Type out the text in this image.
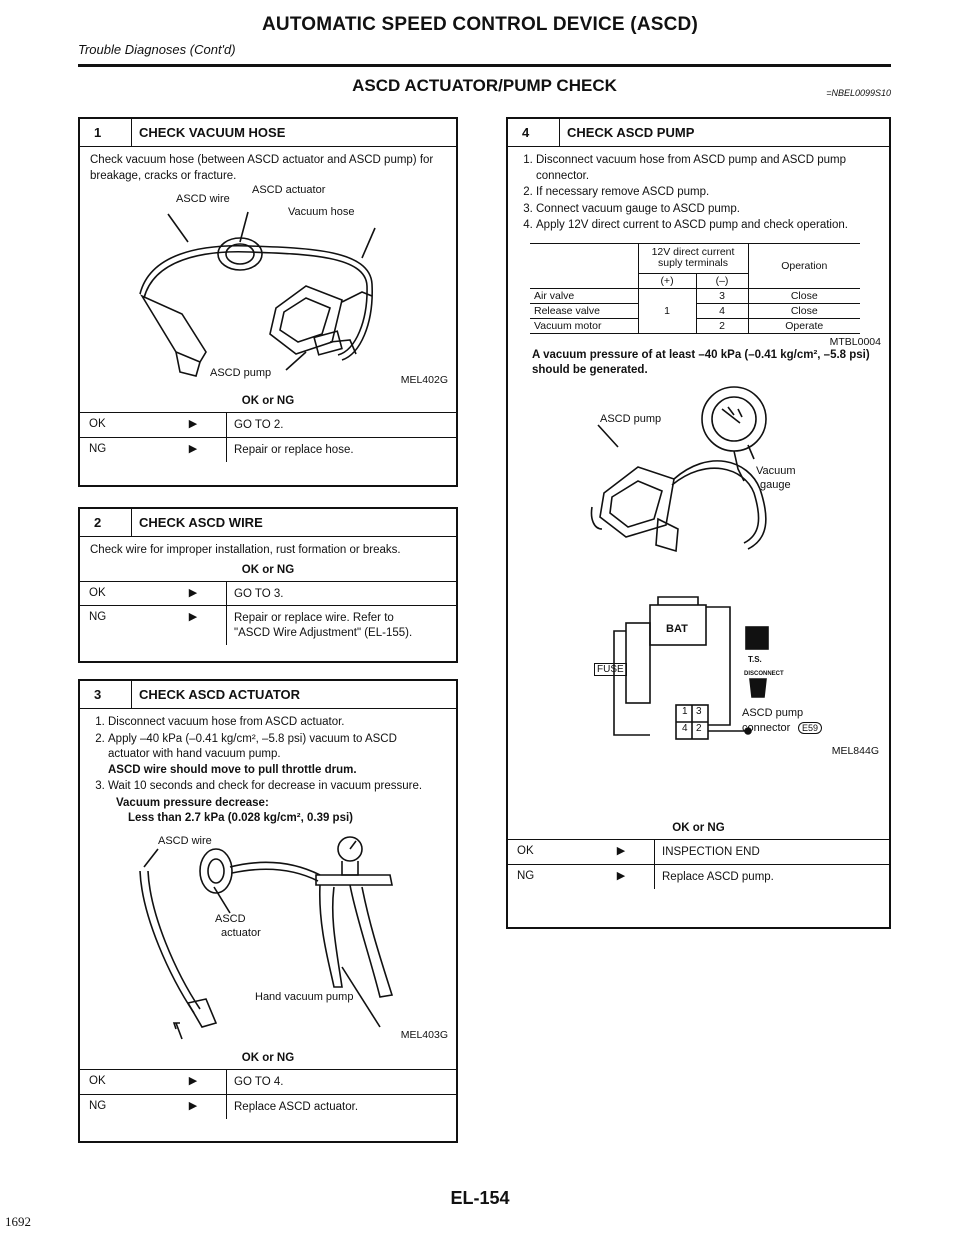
AUTOMATIC SPEED CONTROL DEVICE (ASCD)
Trouble Diagnoses (Cont'd)
ASCD ACTUATOR/PUMP CHECK	=NBEL0099S10
1	CHECK VACUUM HOSE
Check vacuum hose (between ASCD actuator and ASCD pump) for breakage, cracks or fracture.
ASCD wire
ASCD actuator
Vacuum hose
ASCD pump
MEL402G
OK or NG
OK	▶	GO TO 2.
NG	▶	Repair or replace hose.
2	CHECK ASCD WIRE
Check wire for improper installation, rust formation or breaks.
OK or NG
OK	▶	GO TO 3.
NG	▶	Repair or replace wire. Refer to "ASCD Wire Adjustment" (EL-155).
3	CHECK ASCD ACTUATOR
1. Disconnect vacuum hose from ASCD actuator.
2. Apply –40 kPa (–0.41 kg/cm², –5.8 psi) vacuum to ASCD actuator with hand vacuum pump.
ASCD wire should move to pull throttle drum.
3. Wait 10 seconds and check for decrease in vacuum pressure.
Vacuum pressure decrease:
Less than 2.7 kPa (0.028 kg/cm², 0.39 psi)
ASCD wire
ASCD
actuator
Hand vacuum pump
MEL403G
OK or NG
OK	▶	GO TO 4.
NG	▶	Replace ASCD actuator.
4	CHECK ASCD PUMP
1. Disconnect vacuum hose from ASCD pump and ASCD pump connector.
2. If necessary remove ASCD pump.
3. Connect vacuum gauge to ASCD pump.
4. Apply 12V direct current to ASCD pump and check operation.
	12V direct current suply terminals		Operation
	(+)	(–)	
Air valve	1	3	Close
Release valve		4	Close
Vacuum motor		2	Operate
MTBL0004
A vacuum pressure of at least –40 kPa (–0.41 kg/cm², –5.8 psi) should be generated.
ASCD pump
Vacuum
gauge
FUSE
BAT
T.S.
DISCONNECT
1 3
4 2
ASCD pump
connector	E59
MEL844G
OK or NG
OK	▶	INSPECTION END
NG	▶	Replace ASCD pump.
EL-154
1692
